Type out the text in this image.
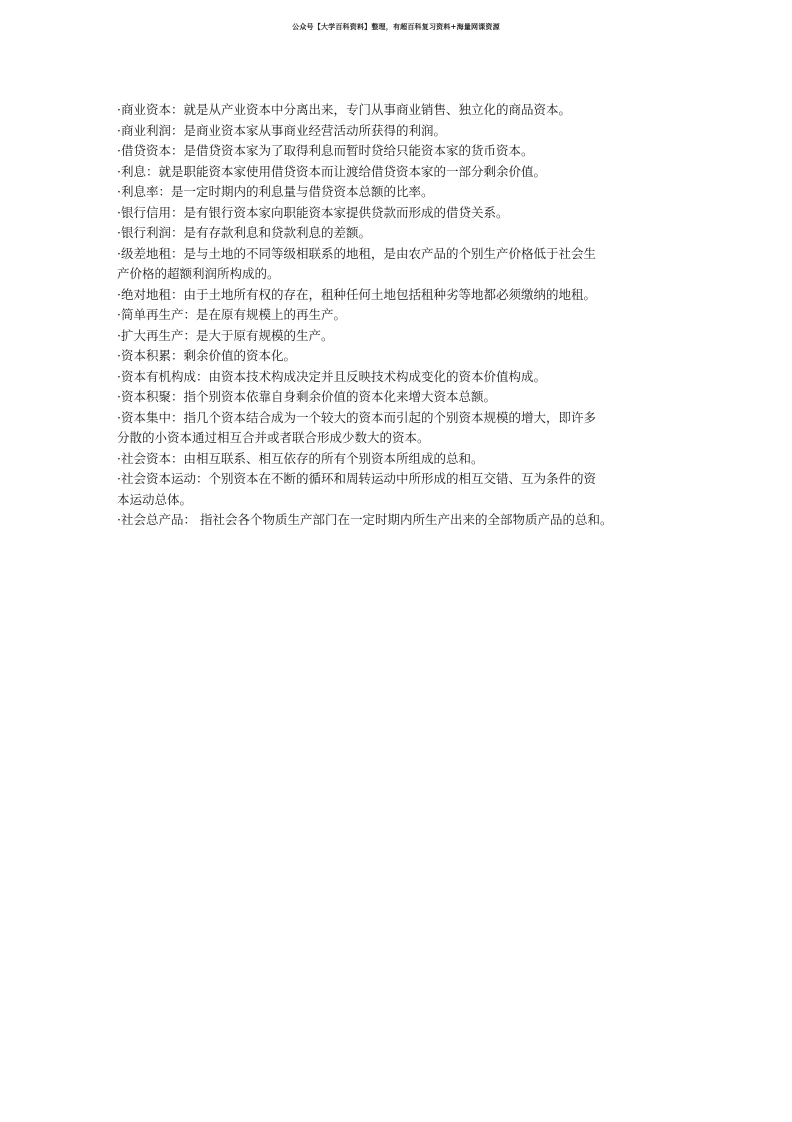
公众号【大学百科资料】整理，有超百科复习资料+海量网课资源
·商业资本：就是从产业资本中分离出来，专门从事商业销售、独立化的商品资本。
·商业利润：是商业资本家从事商业经营活动所获得的利润。
·借贷资本：是借贷资本家为了取得利息而暂时贷给只能资本家的货币资本。
·利息：就是职能资本家使用借贷资本而让渡给借贷资本家的一部分剩余价值。
·利息率：是一定时期内的利息量与借贷资本总额的比率。
·银行信用：是有银行资本家向职能资本家提供贷款而形成的借贷关系。
·银行利润：是有存款利息和贷款利息的差额。
·级差地租：是与土地的不同等级相联系的地租，是由农产品的个别生产价格低于社会生
产价格的超额利润所构成的。
·绝对地租：由于土地所有权的存在，租种任何土地包括租种劣等地都必须缴纳的地租。
·简单再生产：是在原有规模上的再生产。
·扩大再生产：是大于原有规模的生产。
·资本积累：剩余价值的资本化。
·资本有机构成：由资本技术构成决定并且反映技术构成变化的资本价值构成。
·资本积聚：指个别资本依靠自身剩余价值的资本化来增大资本总额。
·资本集中：指几个资本结合成为一个较大的资本而引起的个别资本规模的增大，即许多
分散的小资本通过相互合并或者联合形成少数大的资本。
·社会资本：由相互联系、相互依存的所有个别资本所组成的总和。
·社会资本运动：个别资本在不断的循环和周转运动中所形成的相互交错、互为条件的资
本运动总体。
·社会总产品： 指社会各个物质生产部门在一定时期内所生产出来的全部物质产品的总和。
